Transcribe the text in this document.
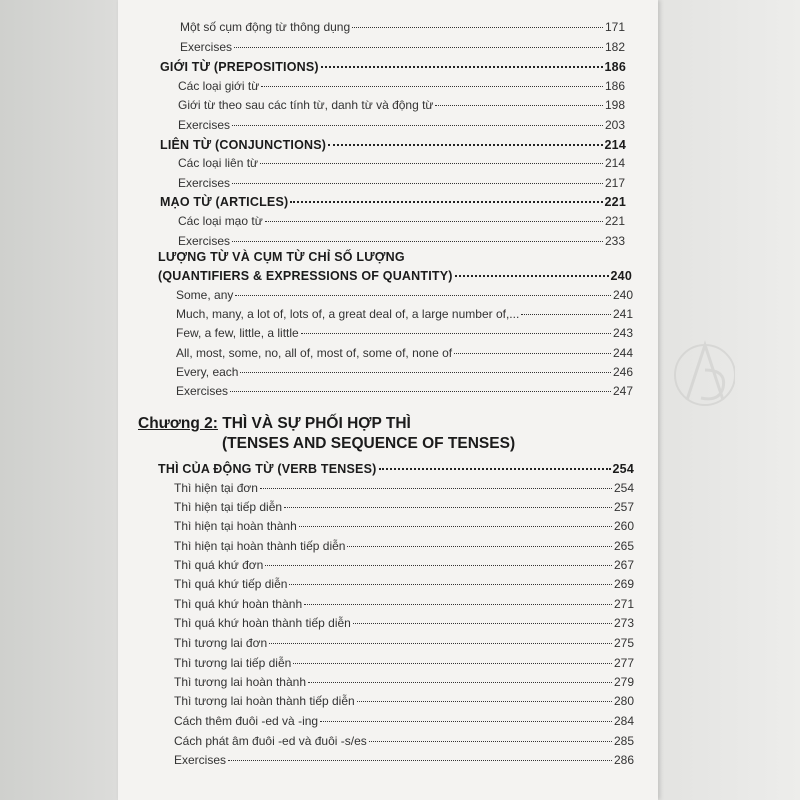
Một số cụm động từ thông dụng	171
Exercises	182
GIỚI TỪ (PREPOSITIONS)	186
Các loại giới từ	186
Giới từ theo sau các tính từ, danh từ và động từ	198
Exercises	203
LIÊN TỪ (CONJUNCTIONS)	214
Các loại liên từ	214
Exercises	217
MẠO TỪ (ARTICLES)	221
Các loại mạo từ	221
Exercises	233
LƯỢNG TỪ VÀ CỤM TỪ CHỈ SỐ LƯỢNG
(QUANTIFIERS & EXPRESSIONS OF QUANTITY)	240
Some, any	240
Much, many, a lot of, lots of, a great deal of, a large number of,...	241
Few, a few, little, a little	243
All, most, some, no, all of, most of, some of, none of	244
Every, each	246
Exercises	247
THÌ CỦA ĐỘNG TỪ (VERB TENSES)	254
Thì hiện tại đơn	254
Thì hiện tại tiếp diễn	257
Thì hiện tại hoàn thành	260
Thì hiện tại hoàn thành tiếp diễn	265
Thì quá khứ đơn	267
Thì quá khứ tiếp diễn	269
Thì quá khứ hoàn thành	271
Thì quá khứ hoàn thành tiếp diễn	273
Thì tương lai đơn	275
Thì tương lai tiếp diễn	277
Thì tương lai hoàn thành	279
Thì tương lai hoàn thành tiếp diễn	280
Cách thêm đuôi -ed và -ing	284
Cách phát âm đuôi -ed và đuôi -s/es	285
Exercises	286
Chương 2: THÌ VÀ SỰ PHỐI HỢP THÌ
(TENSES AND SEQUENCE OF TENSES)
